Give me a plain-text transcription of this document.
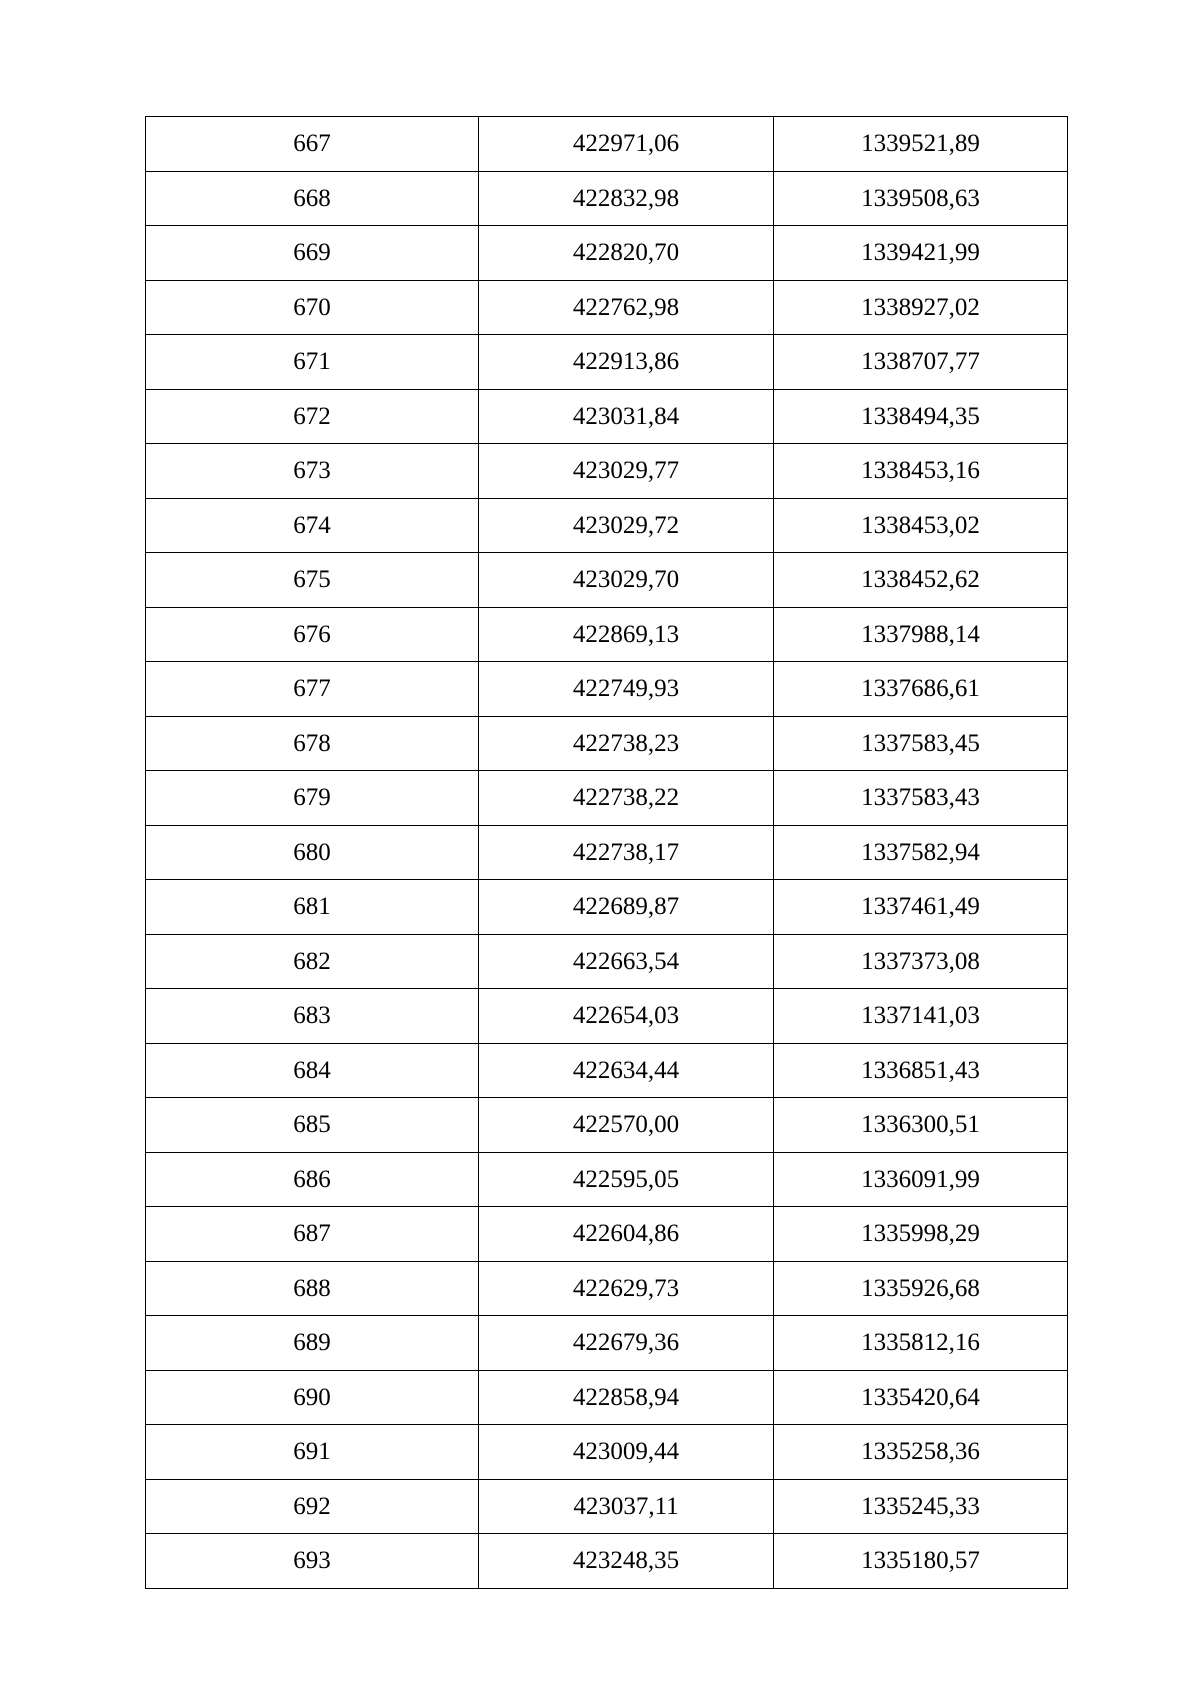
667	422971,06	1339521,89
668	422832,98	1339508,63
669	422820,70	1339421,99
670	422762,98	1338927,02
671	422913,86	1338707,77
672	423031,84	1338494,35
673	423029,77	1338453,16
674	423029,72	1338453,02
675	423029,70	1338452,62
676	422869,13	1337988,14
677	422749,93	1337686,61
678	422738,23	1337583,45
679	422738,22	1337583,43
680	422738,17	1337582,94
681	422689,87	1337461,49
682	422663,54	1337373,08
683	422654,03	1337141,03
684	422634,44	1336851,43
685	422570,00	1336300,51
686	422595,05	1336091,99
687	422604,86	1335998,29
688	422629,73	1335926,68
689	422679,36	1335812,16
690	422858,94	1335420,64
691	423009,44	1335258,36
692	423037,11	1335245,33
693	423248,35	1335180,57
